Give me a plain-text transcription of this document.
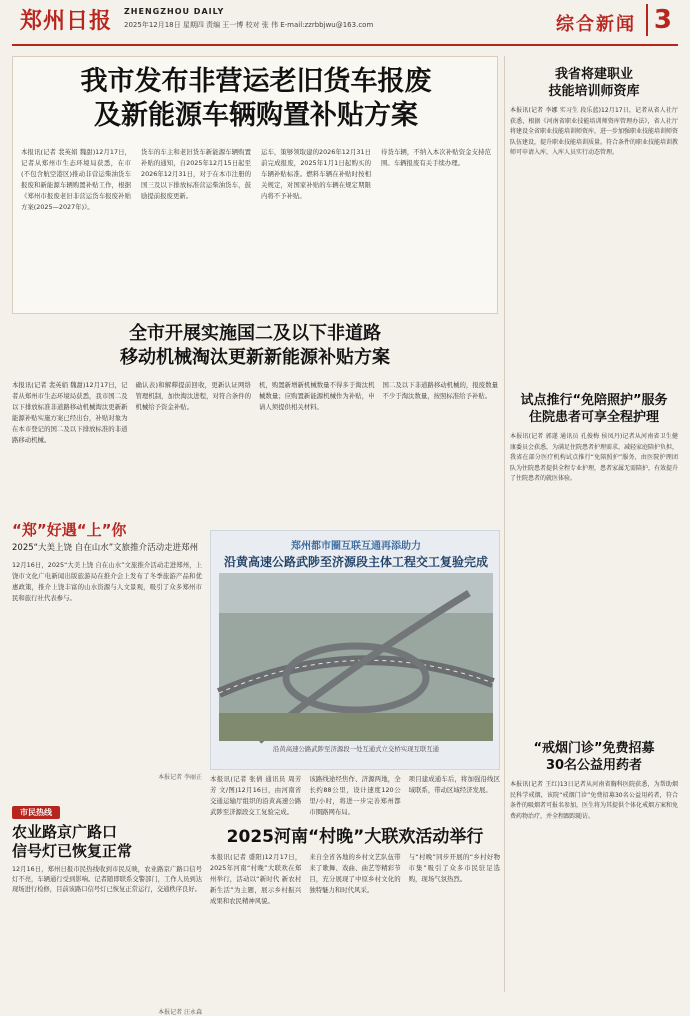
郑州日报 ZHENGZHOU DAILY
2025年12月18日 星期四 责编 王一博 校对 张 伟 E-mail:zzrbbjwu@163.com	综合新闻 3
我市发布非营运老旧货车报废
及新能源车辆购置补贴方案
本报讯(记者 裴英娟 魏甜)12月17日，记者从郑州市生态环境局获悉，在市(不包含航空港区)推动非营运柴油货车报废和新能源车辆购置补贴工作，根据《郑州市报废老旧非营运货车报废补贴方案(2025—2027年)》。
货车的车主和老旧货车新能源车辆购置补贴的通知，自2025年12月15日起至2026年12月31日，对于在本市注册的国三及以下排放标准营运柴油货车，鼓励提前报废更新。
运车，策够领取建的2026年12月31日前完成报废，2025年1月1日起购买的车辆补贴标准。燃料车辆在补贴时按相关规定，对国家补贴的车辆在规定期限内将不予补贴。
待货车辆，不纳入本次补贴资金支持范围。车辆报废有关手续办理。
我省将建职业
技能培训师资库
本报讯(记者 李娜 实习生 段乐蓝)12月17日，记者从省人社厅获悉，根据《河南省职业技能培训师资库管理办法》，省人社厅将建设全省职业技能培训师资库，进一步加强职业技能培训师资队伍建设，提升职业技能培训质量。符合条件的职业技能培训教师可申请入库，入库人员实行动态管理。
全市开展实施国二及以下非道路
移动机械淘汰更新新能源补贴方案
本报讯(记者 裴英娟 魏甜)12月17日，记者从郑州市生态环境局获悉，我市国二及以下排放标准非道路移动机械淘汰更新新能源补贴实施方案已经出台，补贴对象为在本市登记的国二及以下排放标准的非道路移动机械。
确认表)和解釋提前回收，更新认证网络管理机制，加快淘汰进程，对符合条件的机械给予资金补贴。
机，购置新增新机械数量不得多于淘汰机械数量；应购置新能源机械作为补贴，申请人须提供相关材料。
国二及以下非道路移动机械的，报废数量不少于淘汰数量，按照标准给予补贴。	试点推行“免陪照护”服务
住院患者可享全程护理
本报讯(记者 郭遂 通讯员 孔俊梅 侯凤丹)记者从河南省卫生健康委员会获悉，为满足住院患者护理需求，减轻家庭陪护负担，我省在部分医疗机构试点推行“免陪照护”服务，由医院护理团队为住院患者提供全程专业护理，患者家属无需陪护，有效提升了住院患者的就医体验。
“郑”好遇“上”你
2025“大美上饶 自在山水”文旅推介活动走进郑州
12月16日，2025“大美上饶 自在山水”文旅推介活动走进郑州，上饶市文化广电新闻出版旅游局在推介会上发布了冬季旅游产品和优惠政策，推介上饶丰富的山水资源与人文景观，吸引了众多郑州市民和旅行社代表参与。
本报记者 李丽正
郑州都市圈互联互通再添助力
沿黄高速公路武陟至济源段主体工程交工复验完成
沿黄高速公路武陟至济源段一处互通式立交桥实现互联互通
本报讯(记者 张倩 通讯员 周芳芳 文/图)12月16日，由河南省交通运输厅组织的沿黄高速公路武陟至济源段交工复验完成。
该路线途经焦作、济源两地，全长约88公里，设计速度120公里/小时，将进一步完善郑州都市圈路网布局。
项目建成通车后，将加强沿线区域联系，带动区域经济发展。
2025河南“村晚”大联欢活动举行
本报讯(记者 盛阳)12月17日，2025年河南“村晚”大联欢在郑州举行，活动以“新时代 新农村 新生活”为主题，展示乡村振兴成果和农民精神风貌。
来自全省各地的乡村文艺队伍带来了歌舞、戏曲、曲艺等精彩节目，充分展现了中原乡村文化的独特魅力和时代风采。
与“村晚”同步开展的“乡村好物市集”吸引了众多市民驻足选购，现场气氛热烈。
“戒烟门诊”免费招募
30名公益用药者
本报讯(记者 王红)13日记者从河南省胸科医院获悉，为帮助烟民科学戒烟，该院“戒烟门诊”免费招募30名公益用药者，符合条件的吸烟者可报名参加，医生将为其提供个体化戒烟方案和免费药物治疗，并全程跟踪随访。
市民热线
农业路京广路口
信号灯已恢复正常
12月16日，郑州日报市民热线收到市民反映，农业路京广路口信号灯不亮，车辆通行受到影响。记者随即联系交警部门，工作人员到达现场进行检修，目前该路口信号灯已恢复正常运行，交通秩序良好。
本报记者 汪永森
